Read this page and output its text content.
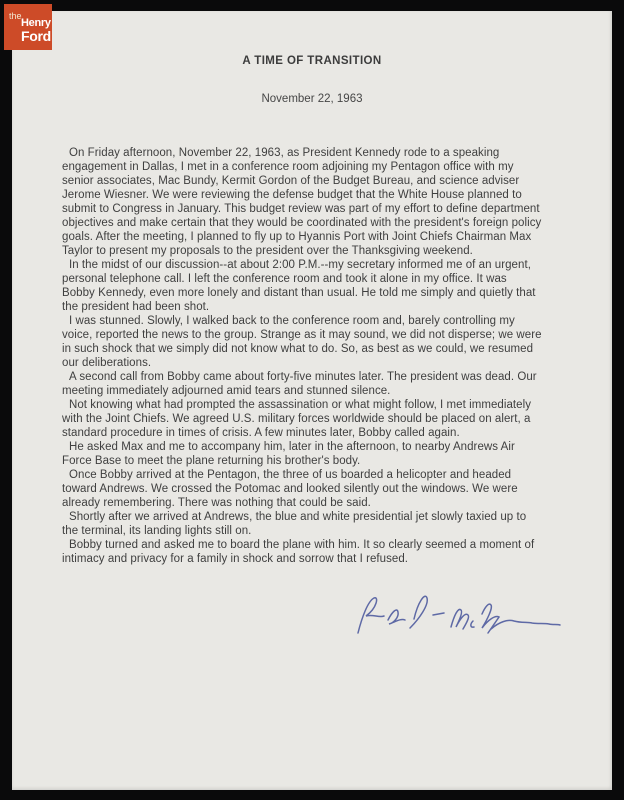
A TIME OF TRANSITION
November 22, 1963

On Friday afternoon, November 22, 1963, as President Kennedy rode to a speaking engagement in Dallas, I met in a conference room adjoining my Pentagon office with my senior associates, Mac Bundy, Kermit Gordon of the Budget Bureau, and science adviser Jerome Wiesner. We were reviewing the defense budget that the White House planned to submit to Congress in January. This budget review was part of my effort to define department objectives and make certain that they would be coordinated with the president's foreign policy goals. After the meeting, I planned to fly up to Hyannis Port with Joint Chiefs Chairman Max Taylor to present my proposals to the president over the Thanksgiving weekend.

In the midst of our discussion--at about 2:00 P.M.--my secretary informed me of an urgent, personal telephone call. I left the conference room and took it alone in my office. It was Bobby Kennedy, even more lonely and distant than usual. He told me simply and quietly that the president had been shot.

I was stunned. Slowly, I walked back to the conference room and, barely controlling my voice, reported the news to the group. Strange as it may sound, we did not disperse; we were in such shock that we simply did not know what to do. So, as best as we could, we resumed our deliberations.

A second call from Bobby came about forty-five minutes later. The president was dead. Our meeting immediately adjourned amid tears and stunned silence.

Not knowing what had prompted the assassination or what might follow, I met immediately with the Joint Chiefs. We agreed U.S. military forces worldwide should be placed on alert, a standard procedure in times of crisis. A few minutes later, Bobby called again.

He asked Max and me to accompany him, later in the afternoon, to nearby Andrews Air Force Base to meet the plane returning his brother's body.

Once Bobby arrived at the Pentagon, the three of us boarded a helicopter and headed toward Andrews. We crossed the Potomac and looked silently out the windows. We were already remembering. There was nothing that could be said.

Shortly after we arrived at Andrews, the blue and white presidential jet slowly taxied up to the terminal, its landing lights still on.

Bobby turned and asked me to board the plane with him. It so clearly seemed a moment of intimacy and privacy for a family in shock and sorrow that I refused.

the
Henry
Ford
